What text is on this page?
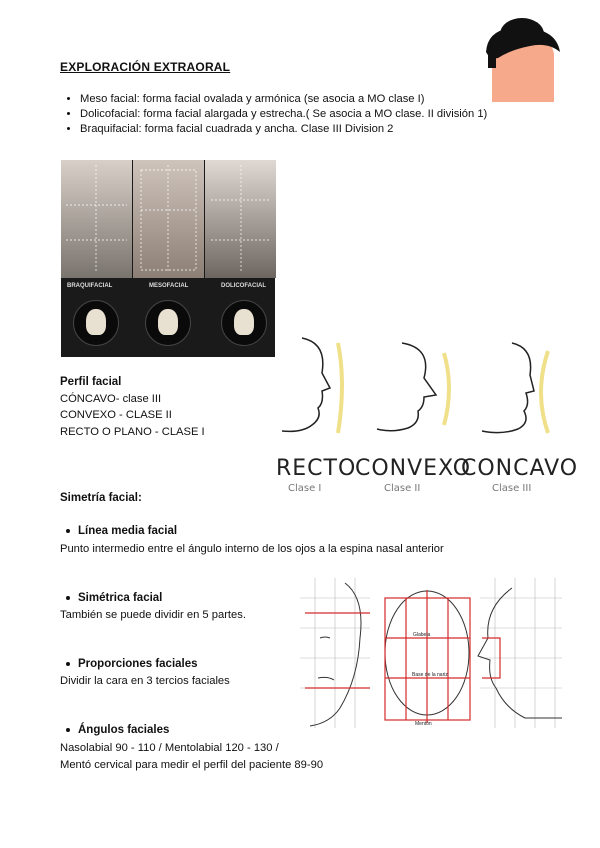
EXPLORACIÓN EXTRAORAL
• Meso facial: forma facial ovalada y armónica (se asocia a MO clase I)
• Dolicofacial: forma facial alargada y estrecha.( Se asocia a MO clase. II división 1)
• Braquifacial: forma facial cuadrada y ancha. Clase III Division 2
BRAQUIFACIAL	MESOFACIAL	DOLICOFACIAL
Perfil facial
CÓNCAVO- clase III
CONVEXO - CLASE II
RECTO O PLANO - CLASE I
RECTO
CONVEXO
CONCAVO
Clase I	Clase II	Clase III
Simetría facial:
Línea media facial
Punto intermedio entre el ángulo interno de los ojos a la espina nasal anterior
Simétrica facial
También se puede dividir en 5 partes.
Proporciones faciales
Dividir la cara en 3 tercios faciales
Ángulos faciales
Nasolabial 90 - 110 / Mentolabial 120 - 130 /
Mentó cervical para medir el perfil del paciente 89-90
Glabela
Base de la nariz
Mentón
